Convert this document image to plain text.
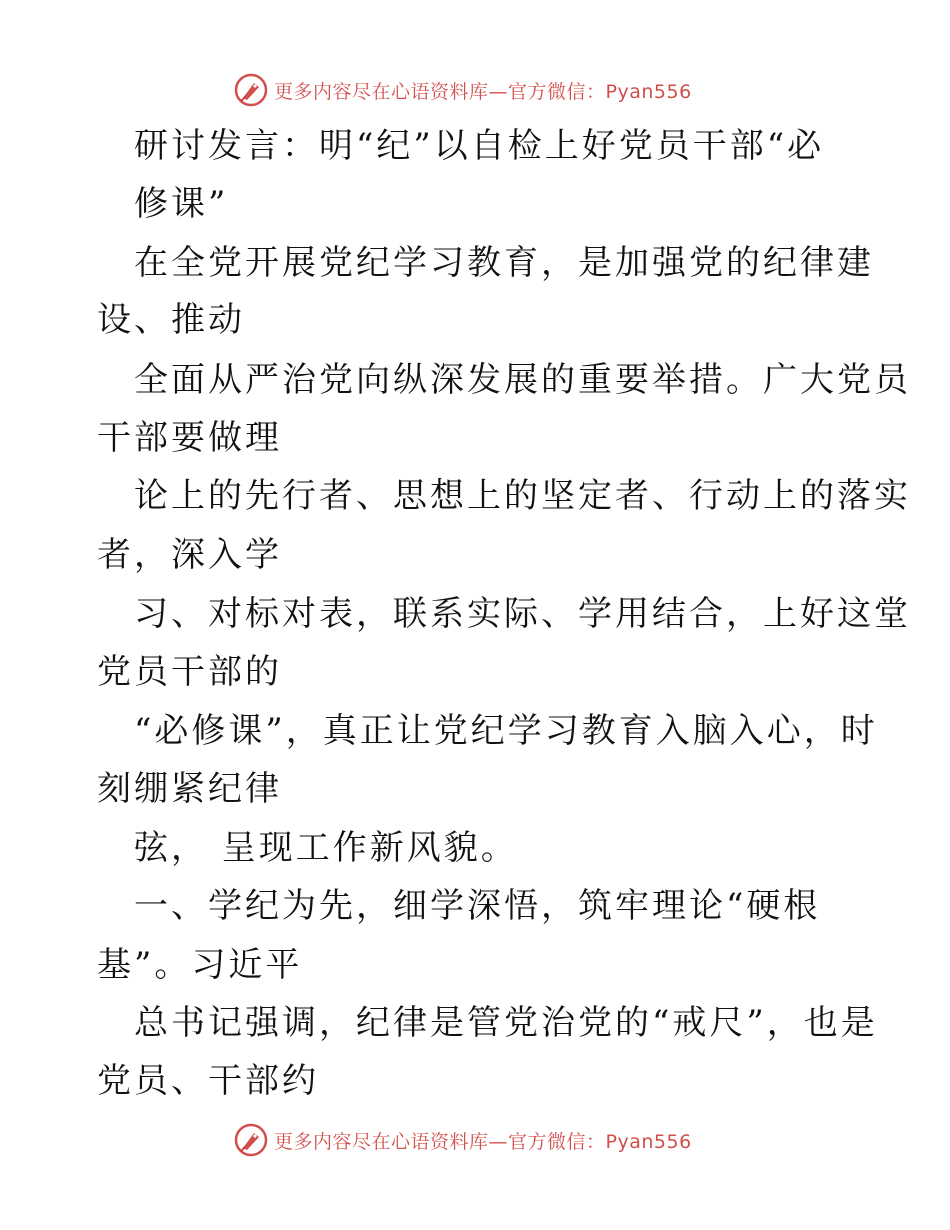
更多内容尽在心语资料库—官方微信：Pyan556
研讨发言：明“纪”以自检上好党员干部“必
修课”
在全党开展党纪学习教育，是加强党的纪律建
设、推动
全面从严治党向纵深发展的重要举措。广大党员
干部要做理
论上的先行者、思想上的坚定者、行动上的落实
者，深入学
习、对标对表，联系实际、学用结合，上好这堂
党员干部的
“必修课”，真正让党纪学习教育入脑入心，时
刻绷紧纪律
弦， 呈现工作新风貌。
一、学纪为先，细学深悟，筑牢理论“硬根
基”。习近平
总书记强调，纪律是管党治党的“戒尺”，也是
党员、干部约
更多内容尽在心语资料库—官方微信：Pyan556
